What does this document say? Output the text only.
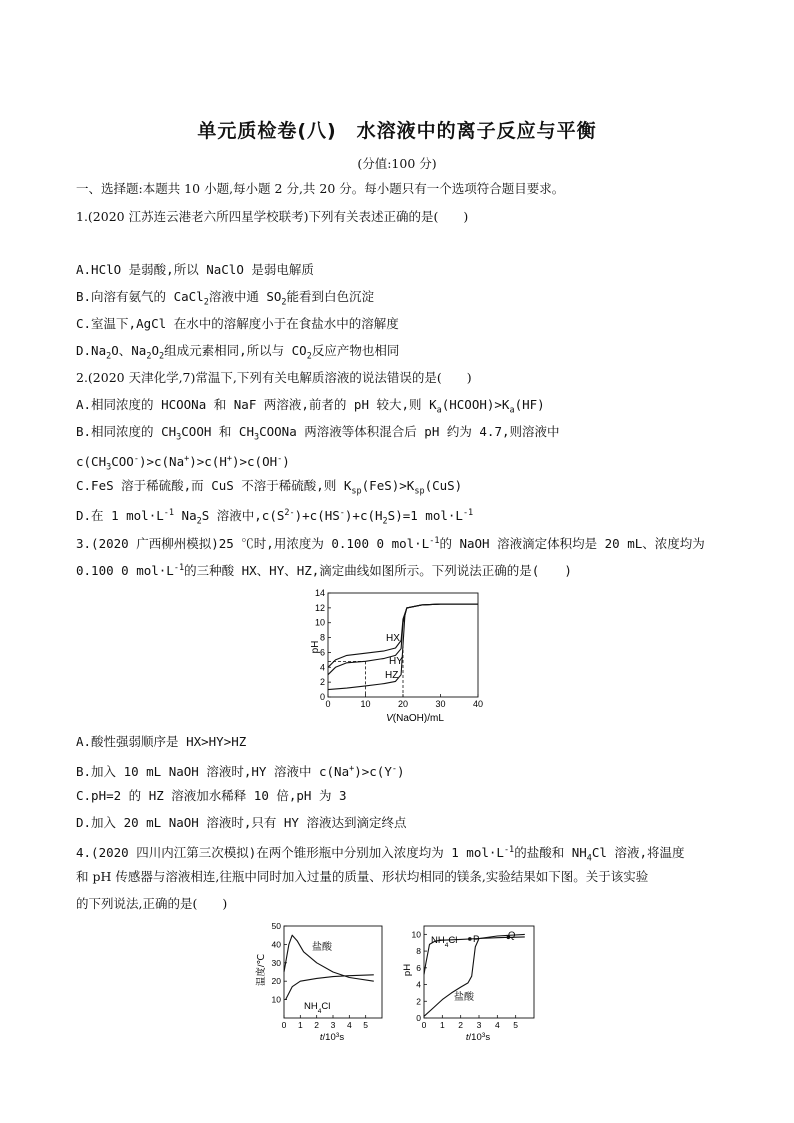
单元质检卷(八)　水溶液中的离子反应与平衡
(分值:100 分)
一、选择题:本题共 10 小题,每小题 2 分,共 20 分。每小题只有一个选项符合题目要求。
1.(2020 江苏连云港老六所四星学校联考)下列有关表述正确的是(　　)
A.HClO 是弱酸,所以 NaClO 是弱电解质
B.向溶有氨气的 CaCl$_2$溶液中通 $SO_2$能看到白色沉淀
C.室温下,AgCl 在水中的溶解度小于在食盐水中的溶解度
$D.Na_2O$、$Na_2O_2$组成元素相同,所以与 $CO_2$反应产物也相同
2.(2020 天津化学,7)常温下,下列有关电解质溶液的说法错误的是(　　)
A.相同浓度的 HCOONa 和 NaF 两溶液,前者的 pH 较大,则 $K_a(HCOOH)>K_a(HF)$
B.相同浓度的 $CH_3COOH$ 和 $CH_3COONa$ 两溶液等体积混合后 pH 约为 4.7,则溶液中
$c(CH_3COO^-)>c(Na^+)>c(H^+)>c(OH^-)$
C.FeS 溶于稀硫酸,而 CuS 不溶于稀硫酸,则 $K_{sp}(FeS)>K_{sp}(CuS)$
D.在 1 $mol\cdot L^{-1}$ $Na_2S$ 溶液中$,c(S^{2-})+c(HS^-)+c(H_2S)=1$ $mol\cdot L^{-1}$
3.(2020 广西柳州模拟)25 ℃时,用浓度为 0.100 0 $mol\cdot L^{-1}$的 NaOH 溶液滴定体积均是 20 mL、浓度均为
0.100 0 $mol\cdot L^{-1}$的三种酸 HX、HY、HZ,滴定曲线如图所示。下列说法正确的是(　　)
0	10	20	30	40
0
2
4
6
8
10
12
14
pH
V(NaOH)/mL
HX
HY
HZ
A.酸性强弱顺序是 HX>HY>HZ
B.加入 10 mL NaOH 溶液时,HY 溶液中 c(Na+)>c(Y-)
C.pH=2 的 HZ 溶液加水稀释 10 倍,pH 为 3
D.加入 20 mL NaOH 溶液时,只有 HY 溶液达到滴定终点
4.(2020 四川内江第三次模拟)在两个锥形瓶中分别加入浓度均为 1 $mol\cdot L^{-1}$的盐酸和 $NH_4Cl$ 溶液,将温度
和 pH 传感器与溶液相连,往瓶中同时加入过量的质量、形状均相同的镁条,实验结果如下图。关于该实验
的下列说法,正确的是(　　)
0 1 2 3 4 5
10
20
30
40
50
温度/℃
$t/10^3s$
盐酸
$NH_4Cl$
0 1 2 3 4 5
0
2
4
6
8
10
pH
$t/10^3s$
$NH_4Cl$
盐酸
P	Q
